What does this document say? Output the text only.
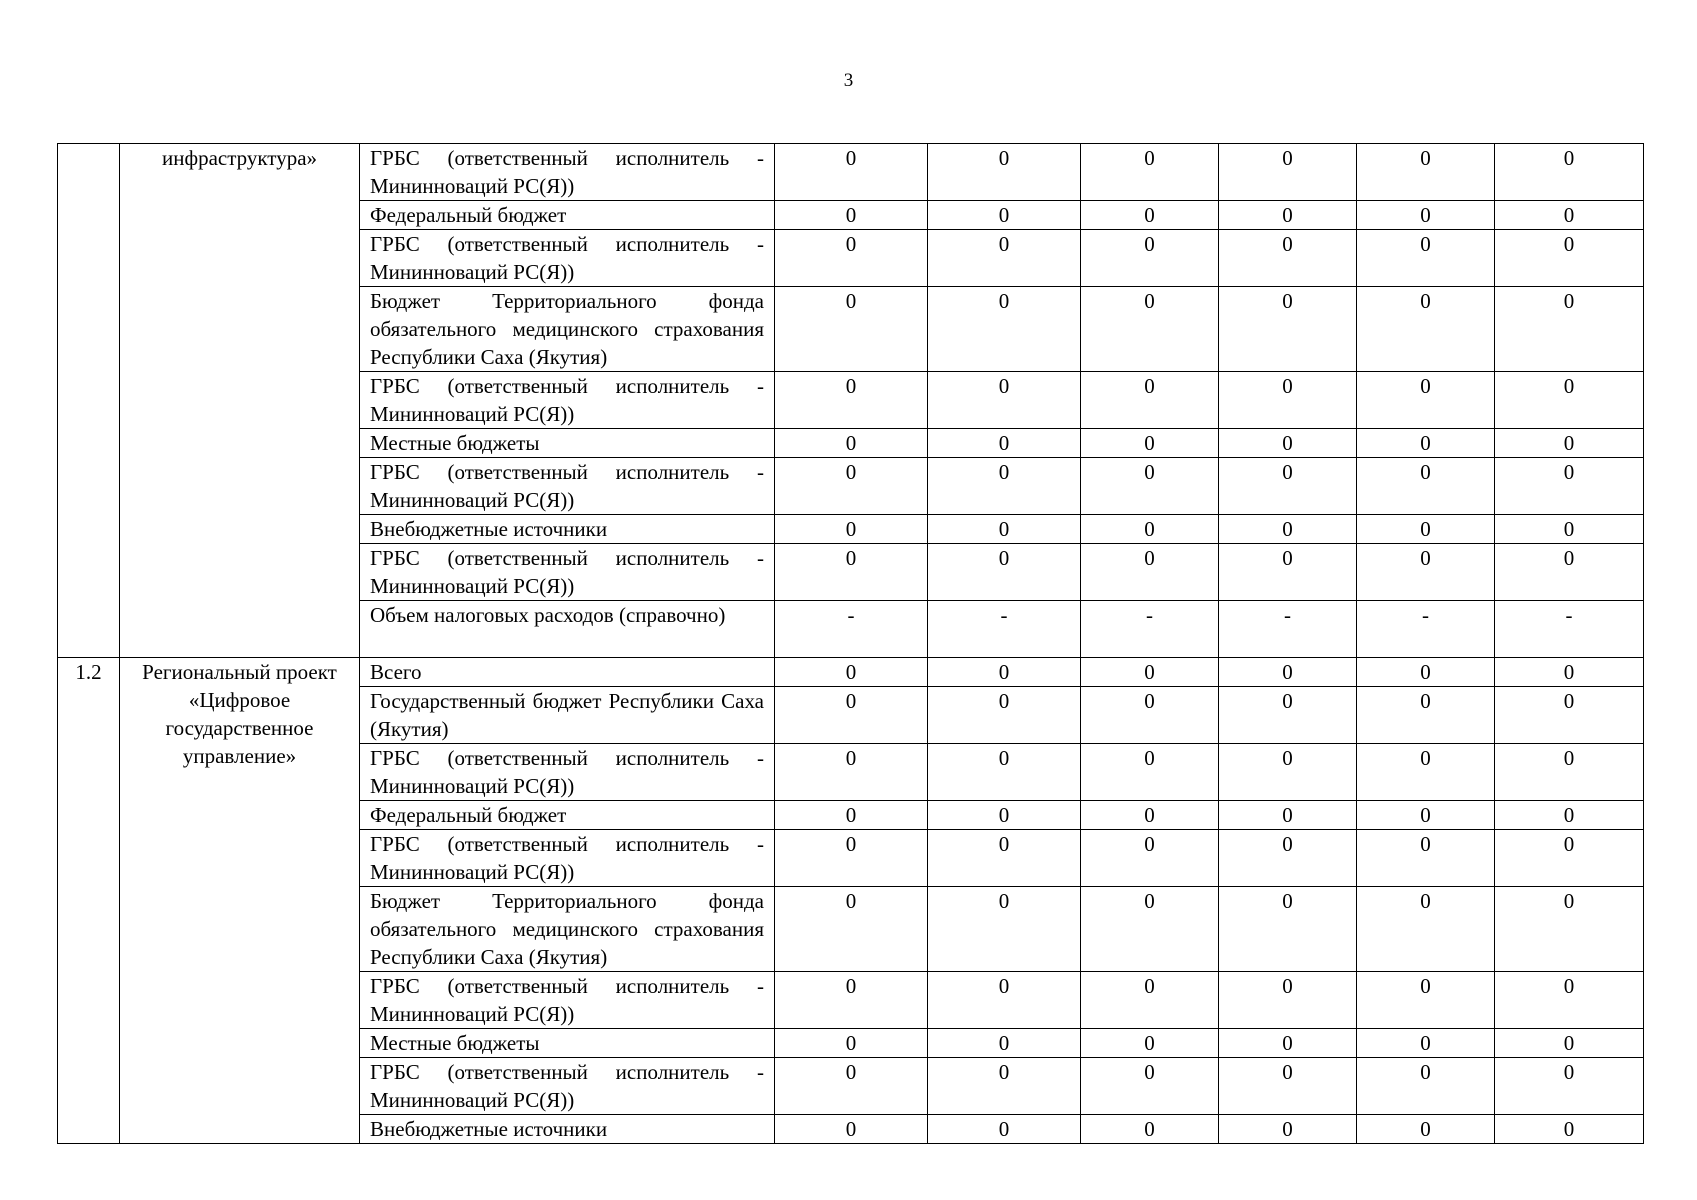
3
	инфраструктура»	ГРБС (ответственный исполнитель - Мининноваций РС(Я))	0	0	0	0	0	0
		Федеральный бюджет	0	0	0	0	0	0
		ГРБС (ответственный исполнитель - Мининноваций РС(Я))	0	0	0	0	0	0
		Бюджет Территориального фонда обязательного медицинского страхования Республики Саха (Якутия)	0	0	0	0	0	0
		ГРБС (ответственный исполнитель - Мининноваций РС(Я))	0	0	0	0	0	0
		Местные бюджеты	0	0	0	0	0	0
		ГРБС (ответственный исполнитель - Мининноваций РС(Я))	0	0	0	0	0	0
		Внебюджетные источники	0	0	0	0	0	0
		ГРБС (ответственный исполнитель - Мининноваций РС(Я))	0	0	0	0	0	0
		Объем налоговых расходов (справочно)	-	-	-	-	-	-
1.2	Региональный проект «Цифровое государственное управление»	Всего	0	0	0	0	0	0
		Государственный бюджет Республики Саха (Якутия)	0	0	0	0	0	0
		ГРБС (ответственный исполнитель - Мининноваций РС(Я))	0	0	0	0	0	0
		Федеральный бюджет	0	0	0	0	0	0
		ГРБС (ответственный исполнитель - Мининноваций РС(Я))	0	0	0	0	0	0
		Бюджет Территориального фонда обязательного медицинского страхования Республики Саха (Якутия)	0	0	0	0	0	0
		ГРБС (ответственный исполнитель - Мининноваций РС(Я))	0	0	0	0	0	0
		Местные бюджеты	0	0	0	0	0	0
		ГРБС (ответственный исполнитель - Мининноваций РС(Я))	0	0	0	0	0	0
		Внебюджетные источники	0	0	0	0	0	0
